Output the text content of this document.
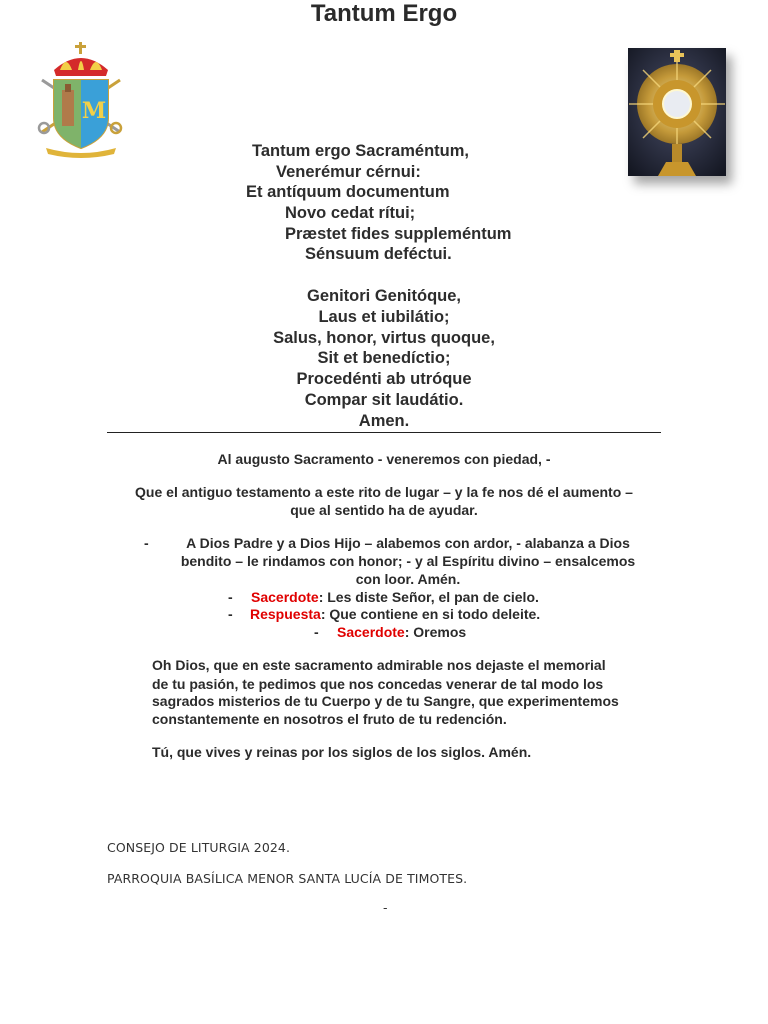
M
Tantum Ergo
Tantum ergo Sacraméntum,
Venerémur cérnui:
Et antíquum documentum
Novo cedat rítui;
Præstet fides suppleméntum
Sénsuum deféctui.
Genitori Genitóque,
Laus et iubilátio;
Salus, honor, virtus quoque,
Sit et benedíctio;
Procedénti ab utróque
Compar sit laudátio.
Amen.
Al augusto Sacramento - veneremos con piedad, -
Que el antiguo testamento a este rito de lugar – y la fe nos dé el aumento –
que al sentido ha de ayudar.
-	A Dios Padre y a Dios Hijo – alabemos con ardor, - alabanza a Dios
bendito – le rindamos con honor; - y al Espíritu divino – ensalcemos
con loor. Amén.
- Sacerdote: Les diste Señor, el pan de cielo.
- Respuesta: Que contiene en si todo deleite.
- Sacerdote: Oremos
Oh Dios, que en este sacramento admirable nos dejaste el memorial
de tu pasión, te pedimos que nos concedas venerar de tal modo los
sagrados misterios de tu Cuerpo y de tu Sangre, que experimentemos
constantemente en nosotros el fruto de tu redención.
Tú, que vives y reinas por los siglos de los siglos. Amén.
CONSEJO DE LITURGIA 2024.
PARROQUIA BASÍLICA MENOR SANTA LUCÍA DE TIMOTES.
-
